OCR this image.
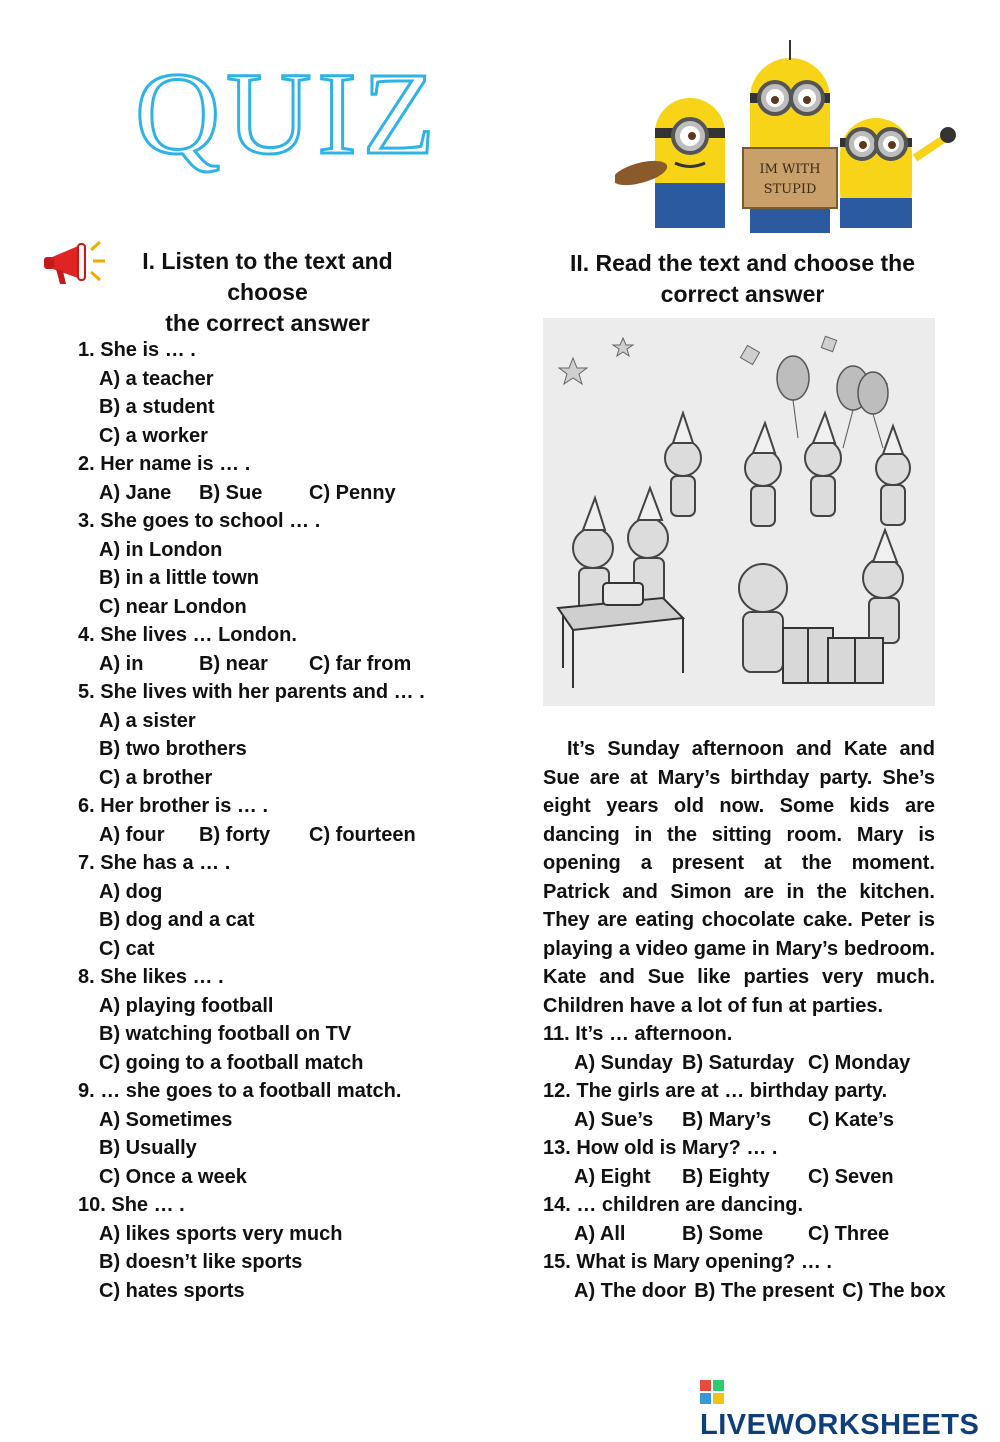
QUIZ	IM WITH
STUPID
I. Listen to the text and choose
the correct answer
II. Read the text and choose the
correct answer
1. She is … .
A) a teacher
B) a student
C) a worker
2. Her name is … .
A) Jane	B) Sue	C) Penny
3. She goes to school … .
A) in London
B) in a little town
C) near London
4. She lives … London.
A) in	B) near	C) far from
5. She lives with her parents and … .
A) a sister
B) two brothers
C) a brother
6. Her brother is … .
A) four	B) forty	C) fourteen
7. She has a … .
A) dog
B) dog and a cat
C) cat
8. She likes … .
A) playing football
B) watching football on TV
C) going to a football match
9. … she goes to a football match.
A) Sometimes
B) Usually
C) Once a week
10. She … .
A) likes sports very much
B) doesn’t like sports
C) hates sports
It’s Sunday afternoon and Kate and Sue are at Mary’s birthday party. She’s eight years old now. Some kids are dancing in the sitting room. Mary is opening a present at the moment. Patrick and Simon are in the kitchen. They are eating chocolate cake. Peter is playing a video game in Mary’s bedroom. Kate and Sue like parties very much. Children have a lot of fun at parties.
11. It’s … afternoon.
A) Sunday B) Saturday C) Monday
12. The girls are at … birthday party.
A) Sue’s	B) Mary’s	C) Kate’s
13. How old is Mary? … .
A) Eight	B) Eighty	C) Seven
14. … children are dancing.
A) All	B) Some	C) Three
15. What is Mary opening? … .
A) The door B) The present C) The box
LIVEWORKSHEETS
